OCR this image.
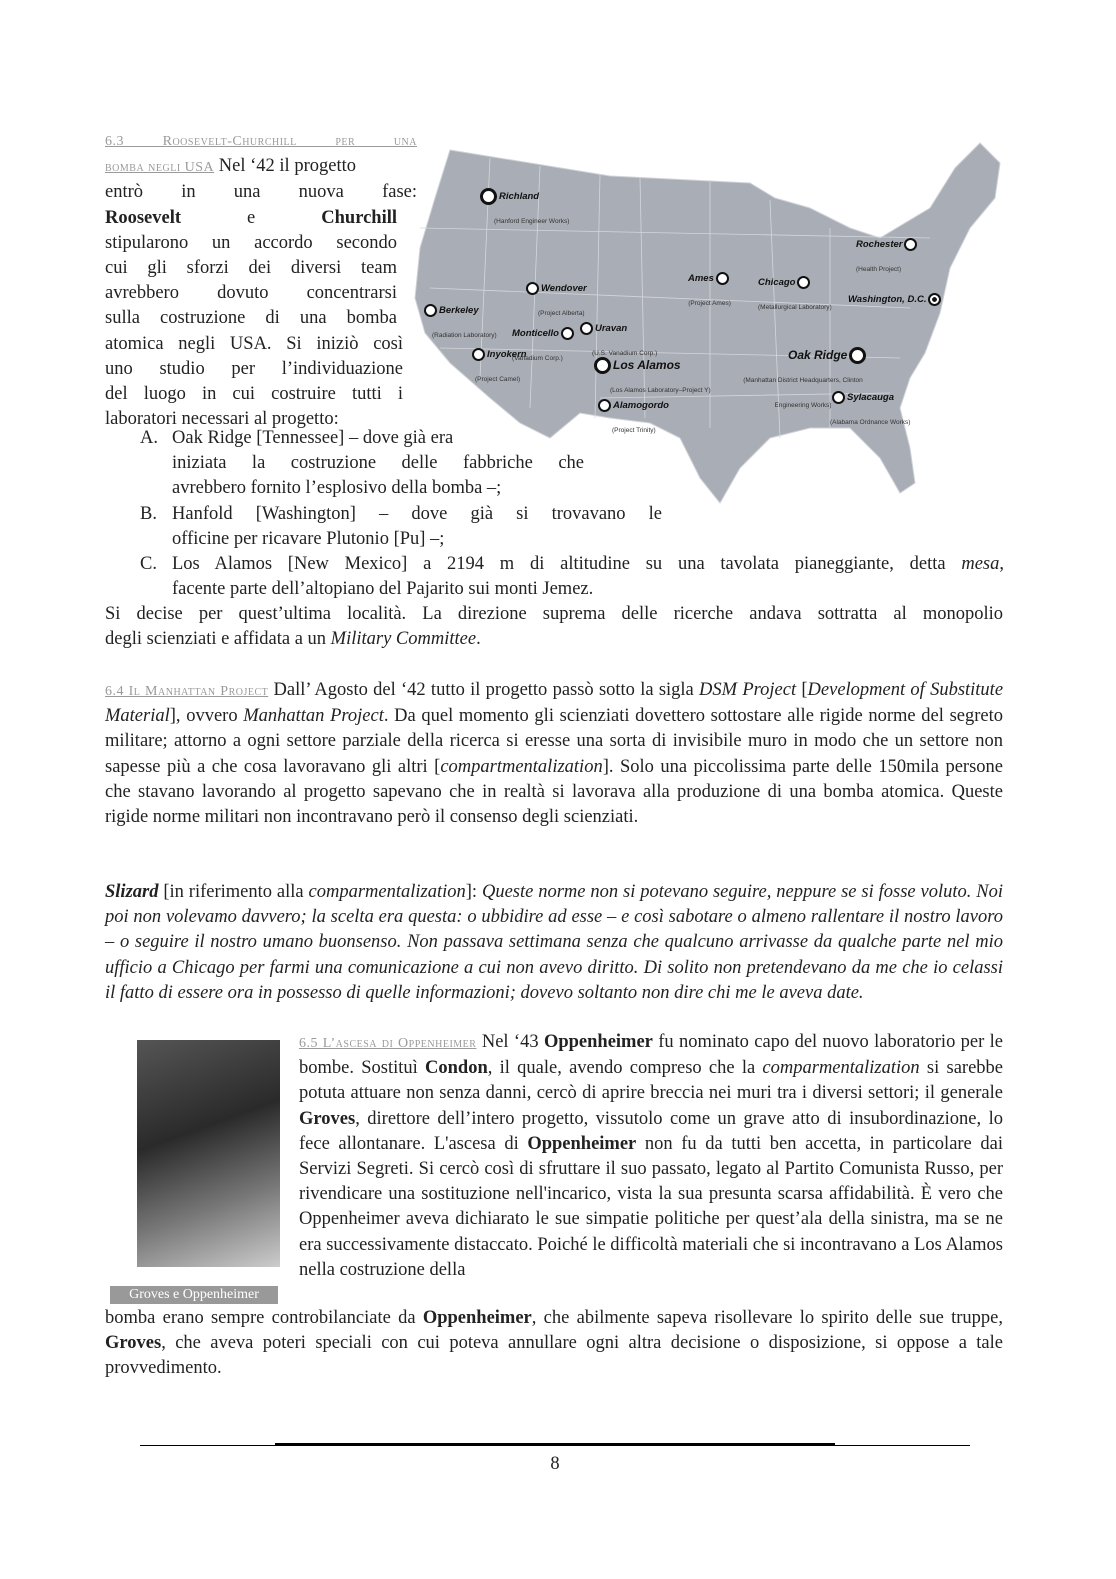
Richland
(Hanford Engineer Works)
Rochester
(Health Project)
Wendover
(Project Alberta)
Ames
(Project Ames)
Chicago
(Metallurgical Laboratory)
Berkeley
(Radiation Laboratory)
Washington, D.C.
Monticello
(Vanadium Corp.)
Uravan
(U.S. Vanadium Corp.)
Inyokern
(Project Camel)
Los Alamos
(Los Alamos Laboratory–Project Y)
Oak Ridge
(Manhattan District Headquarters, Clinton Engineering Works)
Sylacauga
(Alabama Ordnance Works)
Alamogordo
(Project Trinity)
6.3 Roosevelt-Churchill per una
bomba negli USA Nel ‘42 il progetto
entrò in una nuova fase:
Roosevelt	e	Churchill
stipularono un accordo secondo
cui gli sforzi dei diversi team
avrebbero dovuto concentrarsi
sulla costruzione di una bomba
atomica negli USA. Si iniziò così
uno studio per l’individuazione
del luogo in cui costruire tutti i
laboratori necessari al progetto:
A. Oak Ridge [Tennessee] – dove già era
iniziata la costruzione delle fabbriche che
avrebbero fornito l’esplosivo della bomba –;
B. Hanfold [Washington] – dove già si trovavano le
officine per ricavare Plutonio [Pu] –;
C. Los Alamos [New Mexico] a 2194 m di altitudine su una tavolata pianeggiante, detta mesa,
facente parte dell’altopiano del Pajarito sui monti Jemez.
Si decise per quest’ultima località. La direzione suprema delle ricerche andava sottratta al monopolio
degli scienziati e affidata a un Military Committee.
6.4 Il Manhattan Project Dall’ Agosto del ‘42 tutto il progetto passò sotto la sigla DSM Project [Development of Substitute Material], ovvero Manhattan Project. Da quel momento gli scienziati dovettero sottostare alle rigide norme del segreto militare; attorno a ogni settore parziale della ricerca si eresse una sorta di invisibile muro in modo che un settore non sapesse più a che cosa lavoravano gli altri [compartmentalization]. Solo una piccolissima parte delle 150mila persone che stavano lavorando al progetto sapevano che in realtà si lavorava alla produzione di una bomba atomica. Queste rigide norme militari non incontravano però il consenso degli scienziati.
Slizard [in riferimento alla comparmentalization]: Queste norme non si potevano seguire, neppure se si fosse voluto. Noi poi non volevamo davvero; la scelta era questa: o ubbidire ad esse – e così sabotare o almeno rallentare il nostro lavoro – o seguire il nostro umano buonsenso. Non passava settimana senza che qualcuno arrivasse da qualche parte nel mio ufficio a Chicago per farmi una comunicazione a cui non avevo diritto. Di solito non pretendevano da me che io celassi il fatto di essere ora in possesso di quelle informazioni; dovevo soltanto non dire chi me le aveva date.
Groves e Oppenheimer
6.5 L’ascesa di Oppenheimer Nel ‘43 Oppenheimer fu nominato capo del nuovo laboratorio per le bombe. Sostituì Condon, il quale, avendo compreso che la comparmentalization si sarebbe potuta attuare non senza danni, cercò di aprire breccia nei muri tra i diversi settori; il generale Groves, direttore dell’intero progetto, vissutolo come un grave atto di insubordinazione, lo fece allontanare. L'ascesa di Oppenheimer non fu da tutti ben accetta, in particolare dai Servizi Segreti. Si cercò così di sfruttare il suo passato, legato al Partito Comunista Russo, per rivendicare una sostituzione nell'incarico, vista la sua presunta scarsa affidabilità. È vero che Oppenheimer aveva dichiarato le sue simpatie politiche per quest’ala della sinistra, ma se ne era successivamente distaccato. Poiché le difficoltà materiali che si incontravano a Los Alamos nella costruzione della
bomba erano sempre controbilanciate da Oppenheimer, che abilmente sapeva risollevare lo spirito delle sue truppe, Groves, che aveva poteri speciali con cui poteva annullare ogni altra decisione o disposizione, si oppose a tale provvedimento.
8
